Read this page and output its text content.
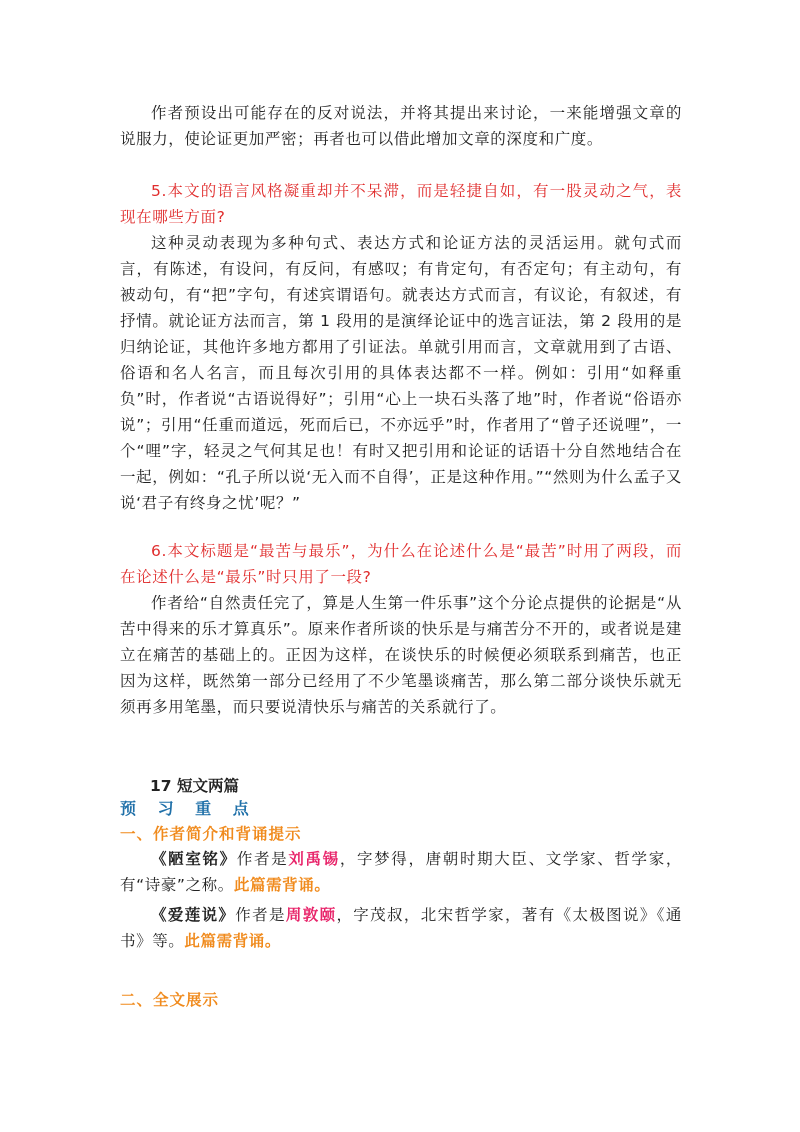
作者预设出可能存在的反对说法，并将其提出来讨论，一来能增强文章的说服力，使论证更加严密；再者也可以借此增加文章的深度和广度。

5.本文的语言风格凝重却并不呆滞，而是轻捷自如，有一股灵动之气，表现在哪些方面?

这种灵动表现为多种句式、表达方式和论证方法的灵活运用。就句式而言，有陈述，有设问，有反问，有感叹；有肯定句，有否定句；有主动句，有被动句，有“把”字句，有述宾谓语句。就表达方式而言，有议论，有叙述，有抒情。就论证方法而言，第 1 段用的是演绎论证中的选言证法，第 2 段用的是归纳论证，其他许多地方都用了引证法。单就引用而言，文章就用到了古语、俗语和名人名言，而且每次引用的具体表达都不一样。例如：引用“如释重负”时，作者说“古语说得好”；引用“心上一块石头落了地”时，作者说“俗语亦说”；引用“任重而道远，死而后已，不亦远乎”时，作者用了“曾子还说哩”，一个“哩”字，轻灵之气何其足也！有时又把引用和论证的话语十分自然地结合在一起，例如：“孔子所以说‘无入而不自得’，正是这种作用。”“然则为什么孟子又说‘君子有终身之忧’呢？”

6.本文标题是“最苦与最乐”，为什么在论述什么是“最苦”时用了两段，而在论述什么是“最乐”时只用了一段?

作者给“自然责任完了，算是人生第一件乐事”这个分论点提供的论据是“从苦中得来的乐才算真乐”。原来作者所谈的快乐是与痛苦分不开的，或者说是建立在痛苦的基础上的。正因为这样，在谈快乐的时候便必须联系到痛苦，也正因为这样，既然第一部分已经用了不少笔墨谈痛苦，那么第二部分谈快乐就无须再多用笔墨，而只要说清快乐与痛苦的关系就行了。

17 短文两篇

预 习 重 点

一、作者简介和背诵提示

《陋室铭》作者是刘禹锡，字梦得，唐朝时期大臣、文学家、哲学家，有“诗豪”之称。此篇需背诵。

《爱莲说》作者是周敦颐，字茂叔，北宋哲学家，著有《太极图说》《通书》等。此篇需背诵。

二、全文展示
